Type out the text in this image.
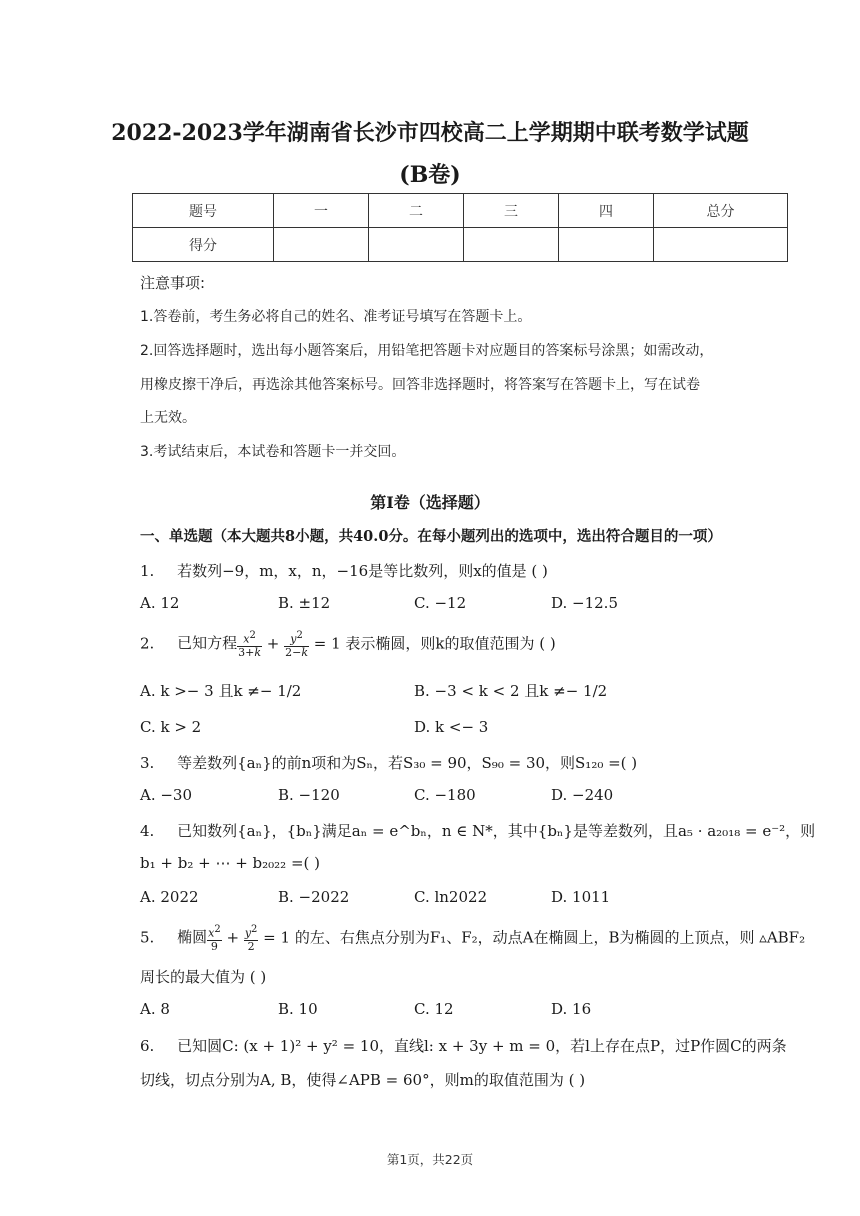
2022-2023学年湖南省长沙市四校高二上学期期中联考数学试题
(B卷)
题号	一	二	三	四	总分
得分					
注意事项:
1.答卷前，考生务必将自己的姓名、准考证号填写在答题卡上。
2.回答选择题时，选出每小题答案后，用铅笔把答题卡对应题目的答案标号涂黑；如需改动，
用橡皮擦干净后，再选涂其他答案标号。回答非选择题时，将答案写在答题卡上，写在试卷
上无效。
3.考试结束后，本试卷和答题卡一并交回。
第Ⅰ卷（选择题）
一、单选题（本大题共8小题，共40.0分。在每小题列出的选项中，选出符合题目的一项）
1. 若数列−9，m，x，n，−16是等比数列，则x的值是 ( )
A. 12	B. ±12	C. −12	D. −12.5
2. 已知方程 $\frac{x^2}{3+k} + \frac{y^2}{2-k} = 1$ 表示椭圆，则k的取值范围为 ( )
A. k >− 3 且k ≠− 1/2	B. −3 < k < 2 且k ≠− 1/2
C. k > 2	D. k <− 3
3. 等差数列{aₙ}的前n项和为Sₙ，若S₃₀ = 90，S₉₀ = 30，则S₁₂₀ =( )
A. −30	B. −120	C. −180	D. −240
4. 已知数列{aₙ}，{bₙ}满足aₙ = e^bₙ，n ∈ N*，其中{bₙ}是等差数列，且a₅ · a₂₀₁₈ = e⁻²，则
b₁ + b₂ + ⋯ + b₂₀₂₂ =( )
A. 2022	B. −2022	C. ln2022	D. 1011
5. 椭圆 $\frac{x^2}{9} + \frac{y^2}{2} = 1$ 的左、右焦点分别为F₁、F₂，动点A在椭圆上，B为椭圆的上顶点，则 ▵ABF₂
周长的最大值为 ( )
A. 8	B. 10	C. 12	D. 16
6. 已知圆C: (x + 1)² + y² = 10，直线l: x + 3y + m = 0，若l上存在点P，过P作圆C的两条
切线，切点分别为A, B，使得∠APB = 60°，则m的取值范围为 ( )
第1页，共22页
